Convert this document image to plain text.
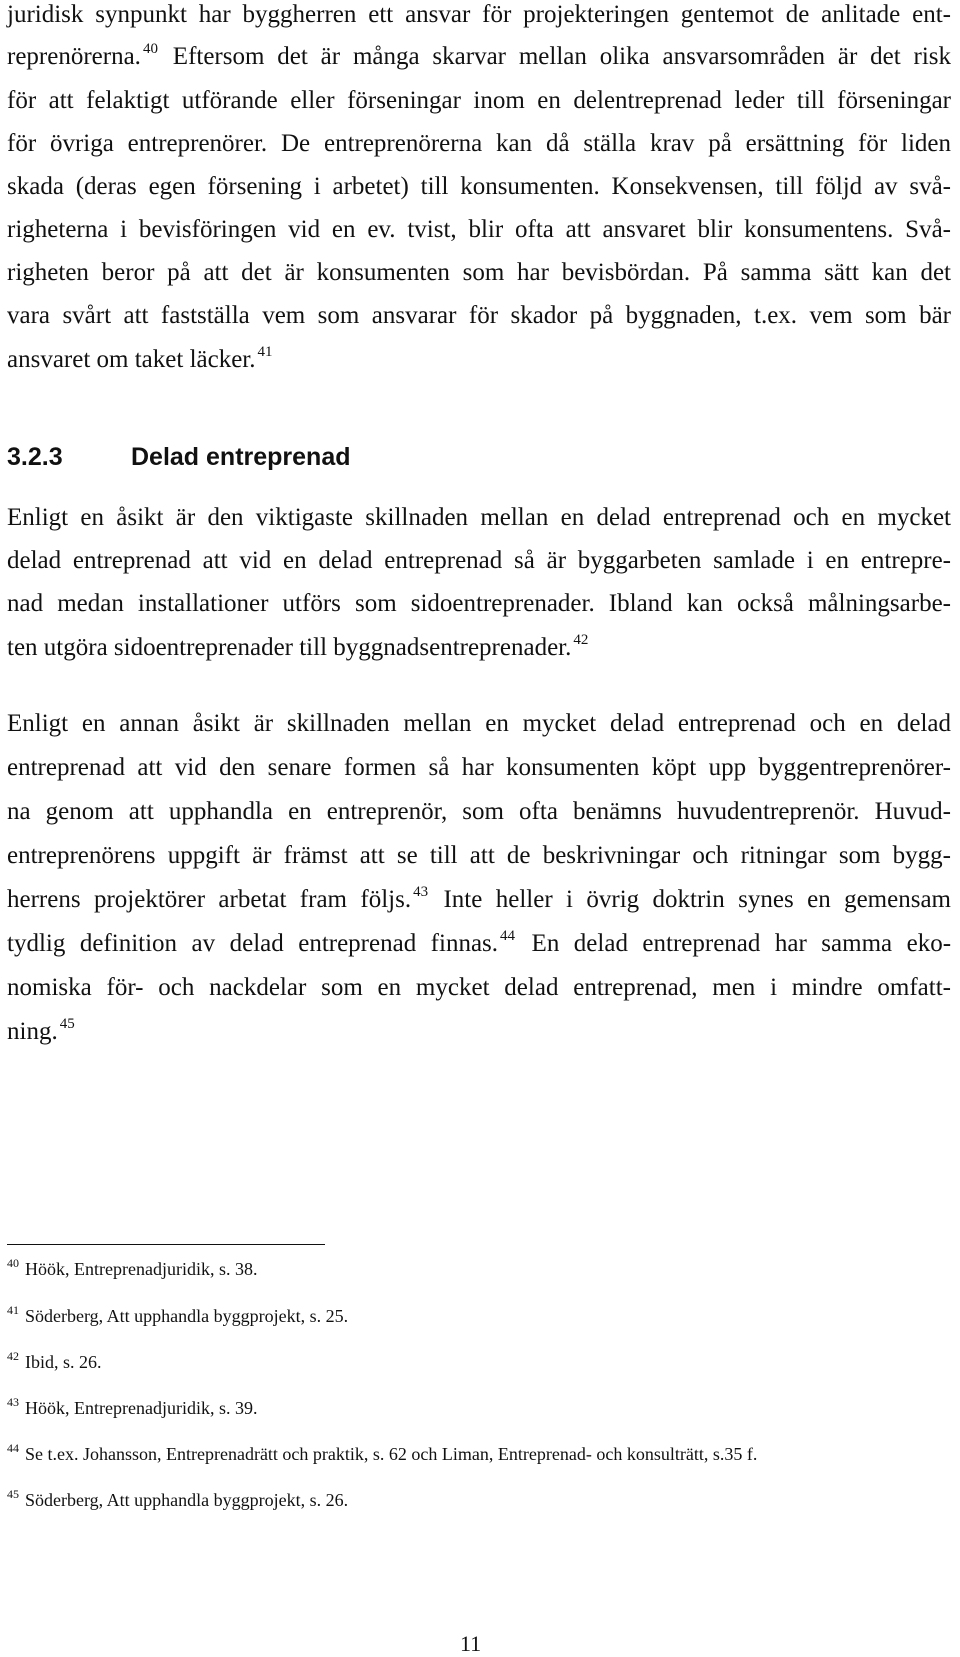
juridisk synpunkt har byggherren ett ansvar för projekteringen gentemot de anlitade ent-
reprenörerna. $^{40}$ Eftersom det är många skarvar mellan olika ansvarsområden är det risk
för att felaktigt utförande eller förseningar inom en delentreprenad leder till förseningar
för övriga entreprenörer. De entreprenörerna kan då ställa krav på ersättning för liden
skada (deras egen försening i arbetet) till konsumenten. Konsekvensen, till följd av svå-
righeterna i bevisföringen vid en ev. tvist, blir ofta att ansvaret blir konsumentens. Svå-
righeten beror på att det är konsumenten som har bevisbördan. På samma sätt kan det
vara svårt att fastställa vem som ansvarar för skador på byggnaden, t.ex. vem som bär
ansvaret om taket läcker. $^{41}$
3.2.3	Delad entreprenad
Enligt en åsikt är den viktigaste skillnaden mellan en delad entreprenad och en mycket
delad entreprenad att vid en delad entreprenad så är byggarbeten samlade i en entrepre-
nad medan installationer utförs som sidoentreprenader. Ibland kan också målningsarbe-
ten utgöra sidoentreprenader till byggnadsentreprenader. $^{42}$
Enligt en annan åsikt är skillnaden mellan en mycket delad entreprenad och en delad
entreprenad att vid den senare formen så har konsumenten köpt upp byggentreprenörer-
na genom att upphandla en entreprenör, som ofta benämns huvudentreprenör. Huvud-
entreprenörens uppgift är främst att se till att de beskrivningar och ritningar som bygg-
herrens projektörer arbetat fram följs. $^{43}$ Inte heller i övrig doktrin synes en gemensam
tydlig definition av delad entreprenad finnas. $^{44}$ En delad entreprenad har samma eko-
nomiska för- och nackdelar som en mycket delad entreprenad, men i mindre omfatt-
ning. $^{45}$
$^{40}$ Höök, Entreprenadjuridik, s. 38.
$^{41}$ Söderberg, Att upphandla byggprojekt, s. 25.
$^{42}$ Ibid, s. 26.
$^{43}$ Höök, Entreprenadjuridik, s. 39.
$^{44}$ Se t.ex. Johansson, Entreprenadrätt och praktik, s. 62 och Liman, Entreprenad- och konsulträtt, s.35 f.
$^{45}$ Söderberg, Att upphandla byggprojekt, s. 26.
11
